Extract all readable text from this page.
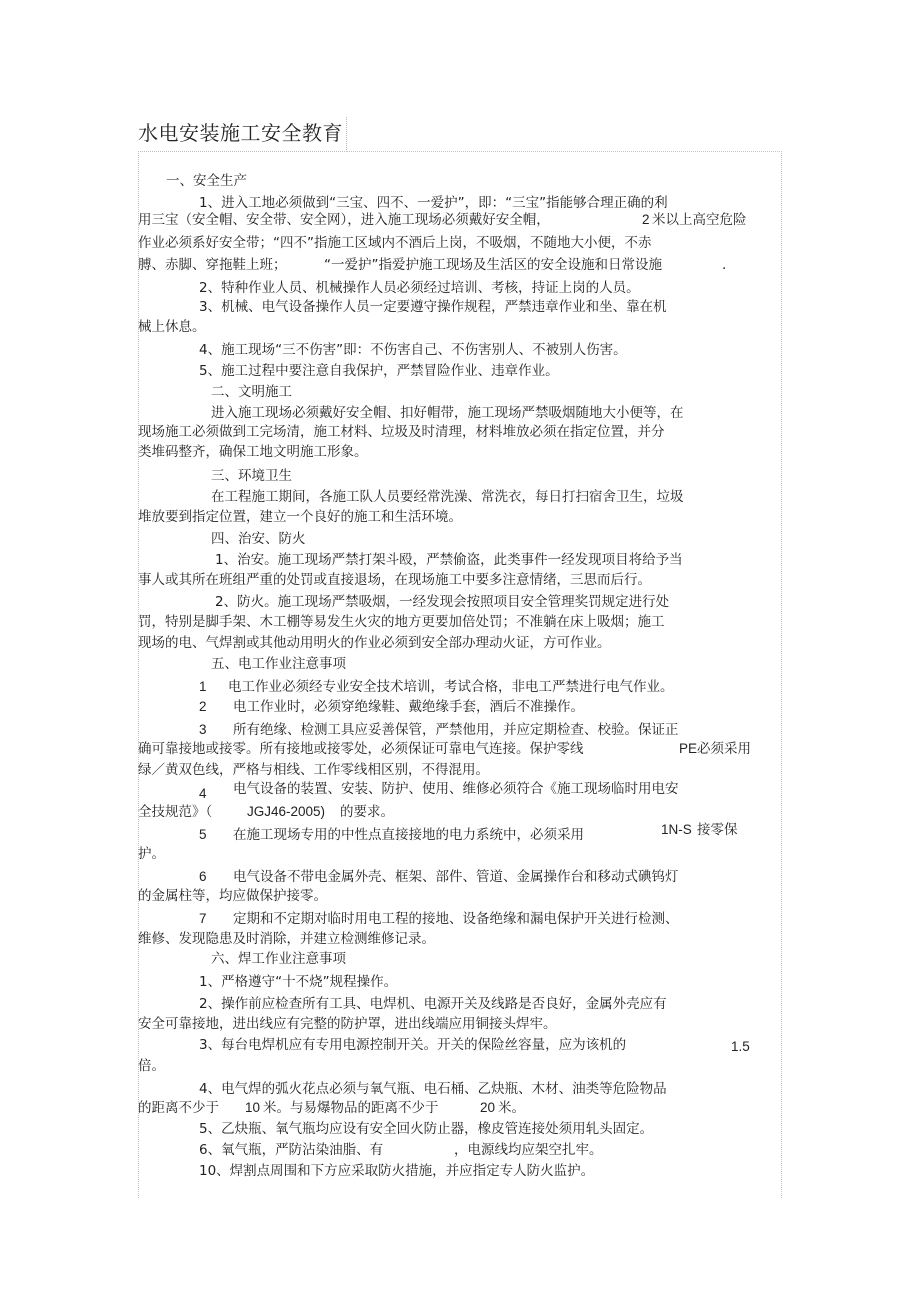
水电安装施工安全教育
一、安全生产
1、进入工地必须做到“三宝、四不、一爱护”，即：“三宝”指能够合理正确的利
用三宝（安全帽、安全带、安全网），进入施工现场必须戴好安全帽，	2 米以上高空危险
作业必须系好安全带；“四不”指施工区域内不酒后上岗，不吸烟，不随地大小便，不赤
膊、赤脚、穿拖鞋上班；	“一爱护”指爱护施工现场及生活区的安全设施和日常设施	.
2、特种作业人员、机械操作人员必须经过培训、考核，持证上岗的人员。
3、机械、电气设备操作人员一定要遵守操作规程，严禁违章作业和坐、靠在机
械上休息。
4、施工现场“三不伤害”即：不伤害自己、不伤害别人、不被别人伤害。
5、施工过程中要注意自我保护，严禁冒险作业、违章作业。
二、文明施工
进入施工现场必须戴好安全帽、扣好帽带，施工现场严禁吸烟随地大小便等，在
现场施工必须做到工完场清，施工材料、垃圾及时清理，材料堆放必须在指定位置，并分
类堆码整齐，确保工地文明施工形象。
三、环境卫生
在工程施工期间，各施工队人员要经常洗澡、常洗衣，每日打扫宿舍卫生，垃圾
堆放要到指定位置，建立一个良好的施工和生活环境。
四、治安、防火
1、治安。施工现场严禁打架斗殴，严禁偷盗，此类事件一经发现项目将给予当
事人或其所在班组严重的处罚或直接退场，在现场施工中要多注意情绪，三思而后行。
2、防火。施工现场严禁吸烟，一经发现会按照项目安全管理奖罚规定进行处
罚，特别是脚手架、木工棚等易发生火灾的地方更要加倍处罚；不准躺在床上吸烟；施工
现场的电、气焊割或其他动用明火的作业必须到安全部办理动火证，方可作业。
五、电工作业注意事项
1 电工作业必须经专业安全技术培训，考试合格，非电工严禁进行电气作业。
2 电工作业时，必须穿绝缘鞋、戴绝缘手套，酒后不准操作。
3 所有绝缘、检测工具应妥善保管，严禁他用，并应定期检查、校验。保证正
确可靠接地或接零。所有接地或接零处，必须保证可靠电气连接。保护零线	PE 必须采用
绿／黄双色线，严格与相线、工作零线相区别，不得混用。
4 电气设备的装置、安装、防护、使用、维修必须符合《施工现场临时用电安
全技规范》（	JGJ46-2005) 的要求。
5 在施工现场专用的中性点直接接地的电力系统中，必须采用	1N-S 接零保
护。
6 电气设备不带电金属外壳、框架、部件、管道、金属操作台和移动式碘钨灯
的金属柱等，均应做保护接零。
7 定期和不定期对临时用电工程的接地、设备绝缘和漏电保护开关进行检测、
维修、发现隐患及时消除，并建立检测维修记录。
六、焊工作业注意事项
1、严格遵守“十不烧”规程操作。
2、操作前应检查所有工具、电焊机、电源开关及线路是否良好，金属外壳应有
安全可靠接地，进出线应有完整的防护罩，进出线端应用铜接头焊牢。
3、每台电焊机应有专用电源控制开关。开关的保险丝容量，应为该机的	1.5
倍。
4、电气焊的弧火花点必须与氧气瓶、电石桶、乙炔瓶、木材、油类等危险物品
的距离不少于 10 米。与易爆物品的距离不少于	20 米。
5、乙炔瓶、氧气瓶均应设有安全回火防止器，橡皮管连接处须用轧头固定。
6、氧气瓶，严防沾染油脂、有	，电源线均应架空扎牢。
10、焊割点周围和下方应采取防火措施，并应指定专人防火监护。
